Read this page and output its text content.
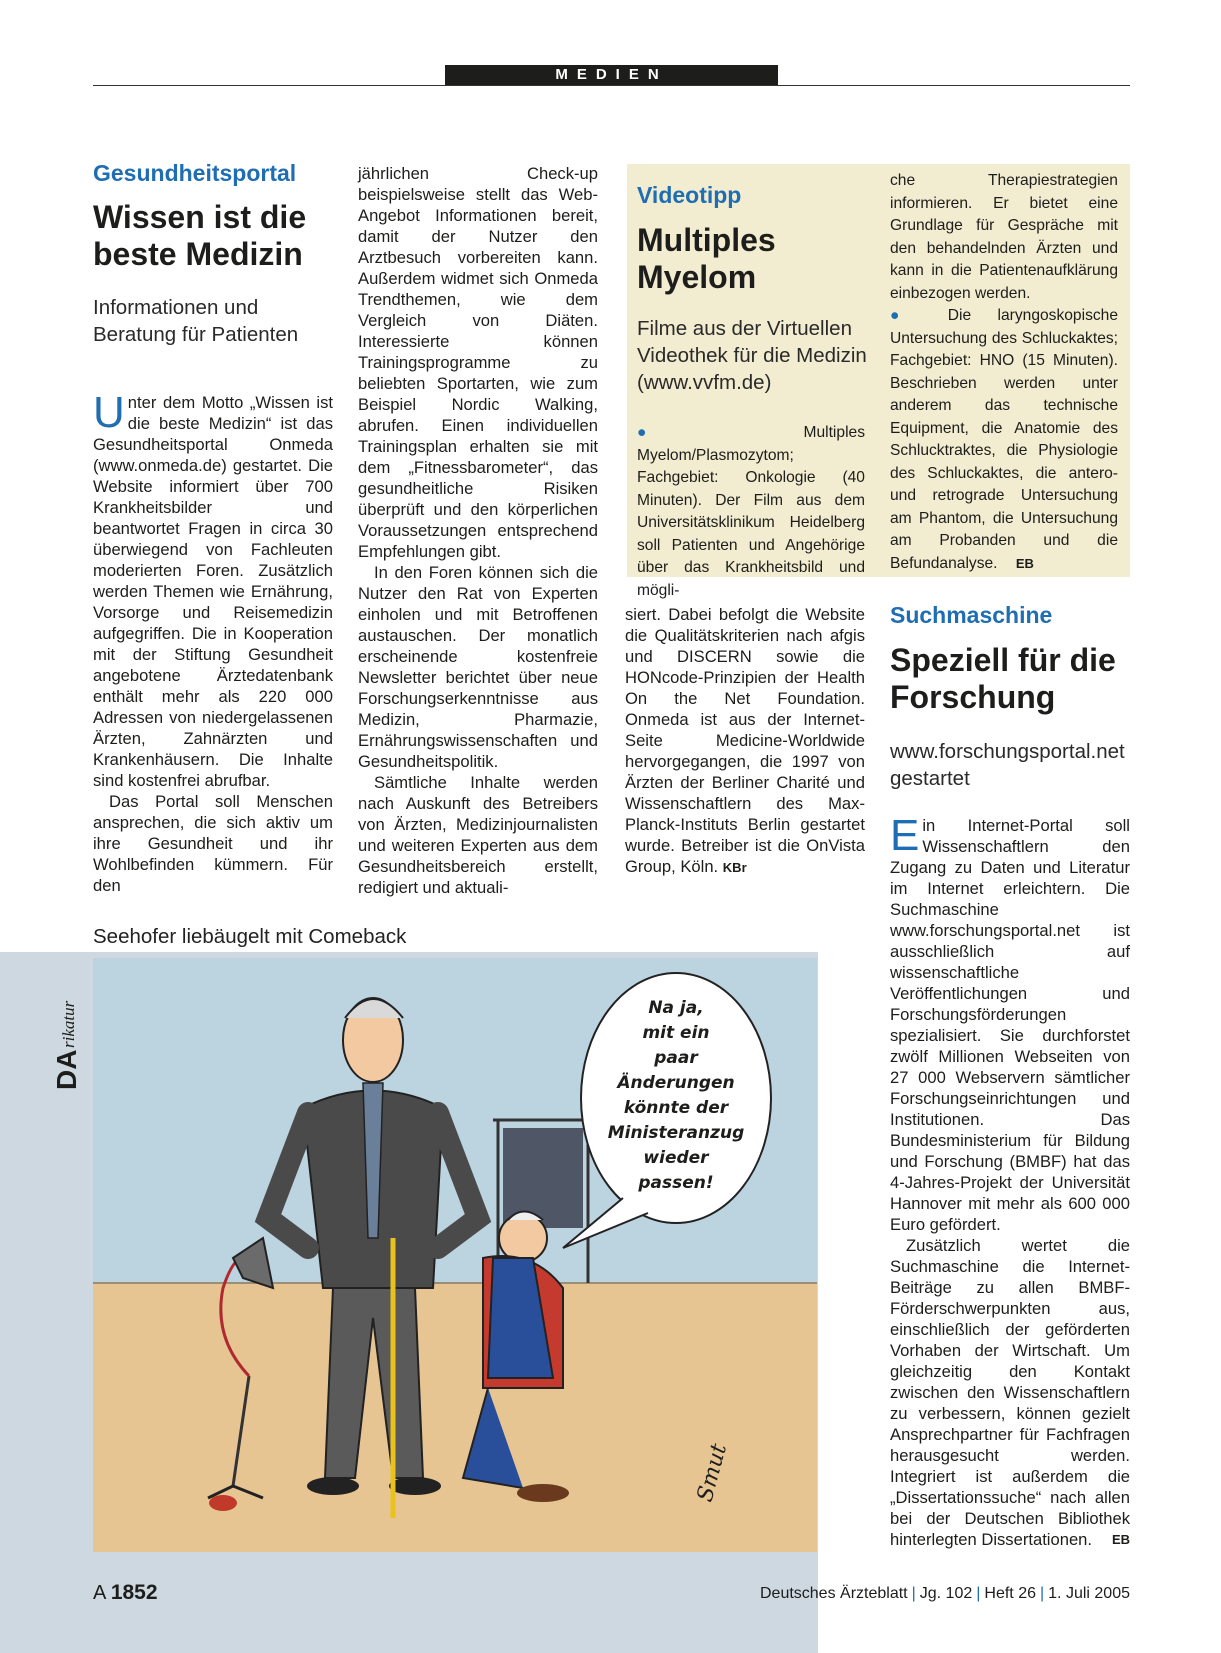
MEDIEN
Gesundheitsportal
Wissen ist die
beste Medizin
Informationen und
Beratung für Patienten

Unter dem Motto „Wissen ist die beste Medizin“ ist das Gesundheitsportal Onmeda (www.onmeda.de) gestartet. Die Website informiert über 700 Krankheitsbilder und beantwortet Fragen in circa 30 überwiegend von Fachleuten moderierten Foren. Zusätzlich werden Themen wie Ernährung, Vorsorge und Reisemedizin aufgegriffen. Die in Kooperation mit der Stiftung Gesundheit angebotene Ärztedatenbank enthält mehr als 220 000 Adressen von niedergelassenen Ärzten, Zahnärzten und Krankenhäusern. Die Inhalte sind kostenfrei abrufbar.

Das Portal soll Menschen ansprechen, die sich aktiv um ihre Gesundheit und ihr Wohlbefinden kümmern. Für den

jährlichen Check-up beispielsweise stellt das Web-Angebot Informationen bereit, damit der Nutzer den Arztbesuch vorbereiten kann. Außerdem widmet sich Onmeda Trendthemen, wie dem Vergleich von Diäten. Interessierte können Trainingsprogramme zu beliebten Sportarten, wie zum Beispiel Nordic Walking, abrufen. Einen individuellen Trainingsplan erhalten sie mit dem „Fitnessbarometer“, das gesundheitliche Risiken überprüft und den körperlichen Voraussetzungen entsprechend Empfehlungen gibt.

In den Foren können sich die Nutzer den Rat von Experten einholen und mit Betroffenen austauschen. Der monatlich erscheinende kostenfreie Newsletter berichtet über neue Forschungserkenntnisse aus Medizin, Pharmazie, Ernährungswissenschaften und Gesundheitspolitik.

Sämtliche Inhalte werden nach Auskunft des Betreibers von Ärzten, Medizinjournalisten und weiteren Experten aus dem Gesundheitsbereich erstellt, redigiert und aktuali-

siert. Dabei befolgt die Website die Qualitätskriterien nach afgis und DISCERN sowie die HONcode-Prinzipien der Health On the Net Foundation. Onmeda ist aus der Internet-Seite Medicine-Worldwide hervorgegangen, die 1997 von Ärzten der Berliner Charité und Wissenschaftlern des Max-Planck-Instituts Berlin gestartet wurde. Betreiber ist die OnVista Group, Köln. KBr

Videotipp
Multiples
Myelom
Filme aus der Virtuellen Videothek für die Medizin (www.vvfm.de)

●	Multiples Myelom/Plasmozytom; Fachgebiet: Onkologie (40 Minuten). Der Film aus dem Universitätsklinikum Heidelberg soll Patienten und Angehörige über das Krankheitsbild und mögli-

che Therapiestrategien informieren. Er bietet eine Grundlage für Gespräche mit den behandelnden Ärzten und kann in die Patientenaufklärung einbezogen werden.

● Die laryngoskopische Untersuchung des Schluckaktes; Fachgebiet: HNO (15 Minuten). Beschrieben werden unter anderem das technische Equipment, die Anatomie des Schlucktraktes, die Physiologie des Schluckaktes, die antero- und retrograde Untersuchung am Phantom, die Untersuchung am Probanden und die Befundanalyse. EB

Suchmaschine
Speziell für die
Forschung
www.forschungsportal.net
gestartet

Ein Internet-Portal soll Wissenschaftlern den Zugang zu Daten und Literatur im Internet erleichtern. Die Suchmaschine www.forschungsportal.net ist ausschließlich auf wissenschaftliche Veröffentlichungen und Forschungsförderungen spezialisiert. Sie durchforstet zwölf Millionen Webseiten von 27 000 Webservern sämtlicher Forschungseinrichtungen und Institutionen. Das Bundesministerium für Bildung und Forschung (BMBF) hat das 4-Jahres-Projekt der Universität Hannover mit mehr als 600 000 Euro gefördert.

Zusätzlich wertet die Suchmaschine die Internet-Beiträge zu allen BMBF-Förderschwerpunkten aus, einschließlich der geförderten Vorhaben der Wirtschaft. Um gleichzeitig den Kontakt zwischen den Wissenschaftlern zu verbessern, können gezielt Ansprechpartner für Fachfragen herausgesucht werden. Integriert ist außerdem die „Dissertationssuche“ nach allen bei der Deutschen Bibliothek hinterlegten Dissertationen.	EB

Seehofer liebäugelt mit Comeback
DA
rikatur	Na ja,
mit ein
paar
Änderungen
könnte der
Ministeranzug
wieder
passen!
Smut
A 1852	Deutsches Ärzteblatt | Jg. 102 | Heft 26 | 1. Juli 2005
